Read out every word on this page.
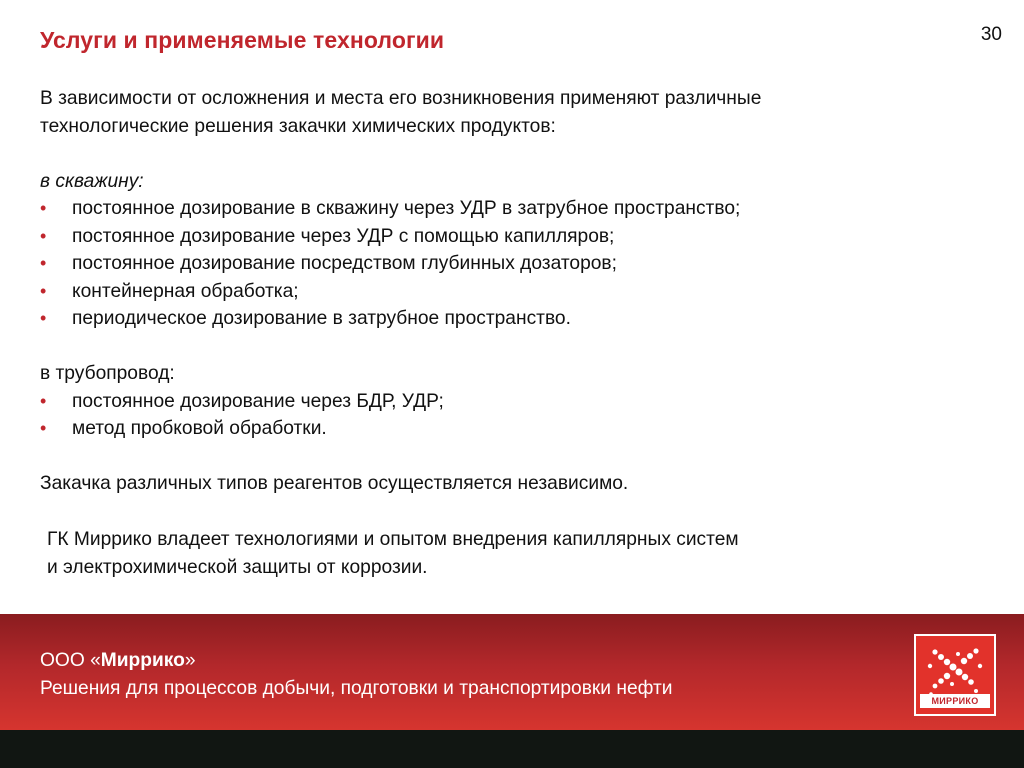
30
Услуги и применяемые технологии

В зависимости от осложнения и места его возникновения применяют различные

технологические решения закачки химических продуктов:

в скважину:

• постоянное дозирование в скважину через УДР в затрубное пространство;
• постоянное дозирование через УДР с помощью капилляров;
• постоянное дозирование посредством глубинных дозаторов;
• контейнерная обработка;
• периодическое дозирование в затрубное пространство.

в трубопровод:

• постоянное дозирование через БДР, УДР;
• метод пробковой обработки.

Закачка различных типов реагентов осуществляется независимо.

ГК Миррико владеет технологиями и опытом внедрения капиллярных систем
и электрохимической защиты от коррозии.
ООО «Миррико»
Решения для процессов добычи, подготовки и транспортировки нефти
МИРРИКО
